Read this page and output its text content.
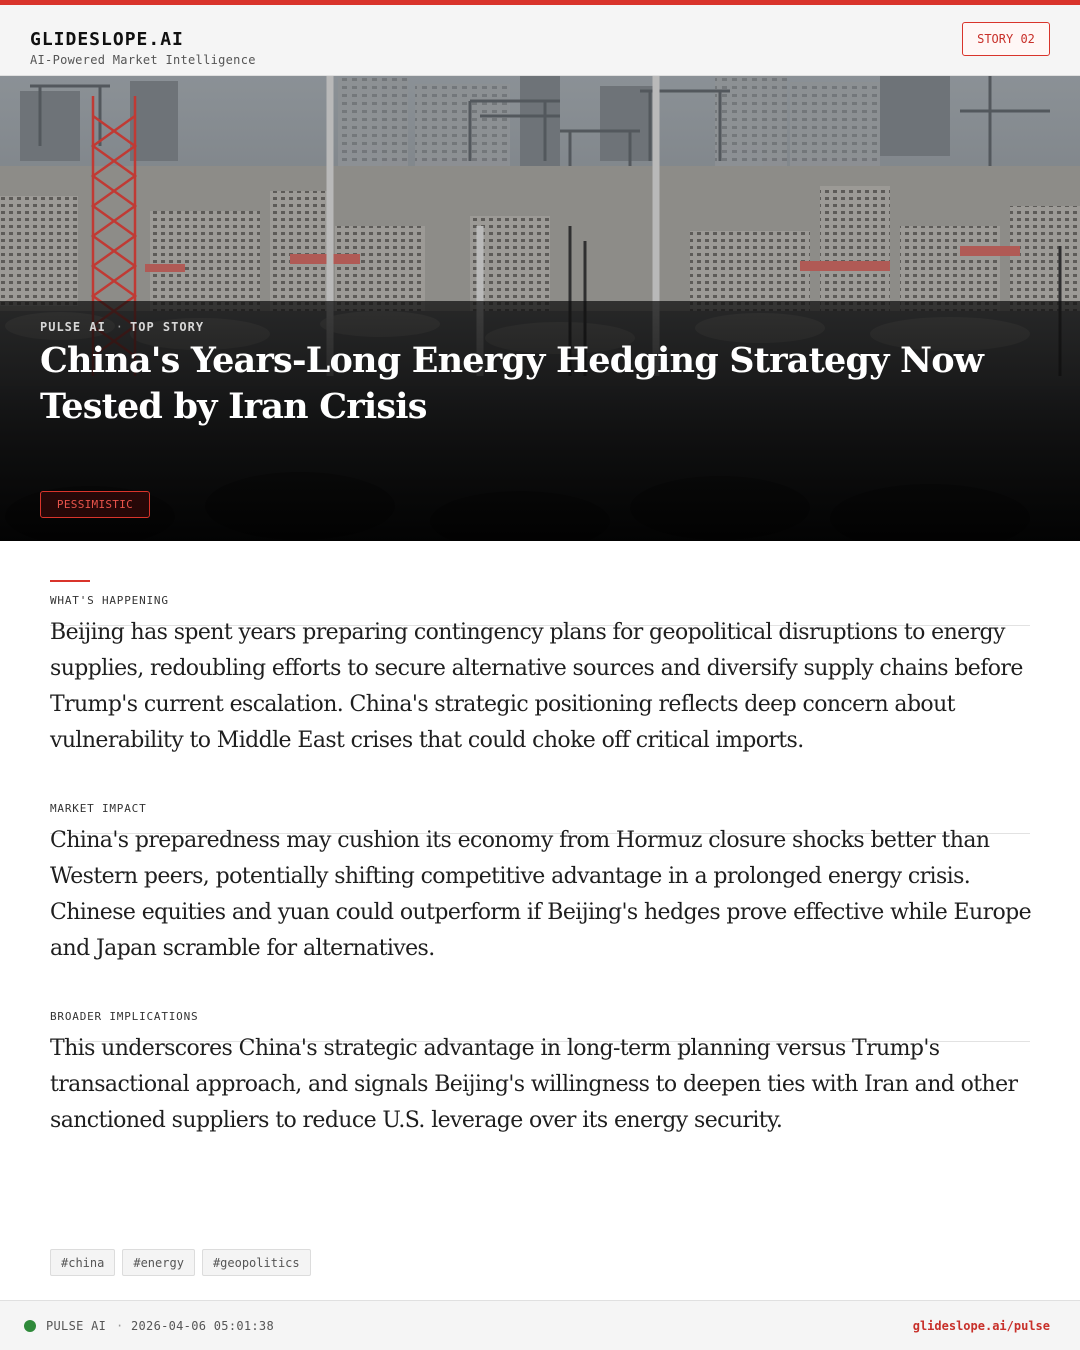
GLIDESLOPE.AI
AI-Powered Market Intelligence
STORY 02
PULSE AI · TOP STORY
China's Years-Long Energy Hedging Strategy Now Tested by Iran Crisis
PESSIMISTIC
WHAT'S HAPPENING

Beijing has spent years preparing contingency plans for geopolitical disruptions to energy supplies, redoubling efforts to secure alternative sources and diversify supply chains before Trump's current escalation. China's strategic positioning reflects deep concern about vulnerability to Middle East crises that could choke off critical imports.

MARKET IMPACT

China's preparedness may cushion its economy from Hormuz closure shocks better than Western peers, potentially shifting competitive advantage in a prolonged energy crisis. Chinese equities and yuan could outperform if Beijing's hedges prove effective while Europe and Japan scramble for alternatives.

BROADER IMPLICATIONS

This underscores China's strategic advantage in long-term planning versus Trump's transactional approach, and signals Beijing's willingness to deepen ties with Iran and other sanctioned suppliers to reduce U.S. leverage over its energy security.

#china	#energy	#geopolitics
PULSE AI · 2026-04-06 05:01:38	glideslope.ai/pulse
